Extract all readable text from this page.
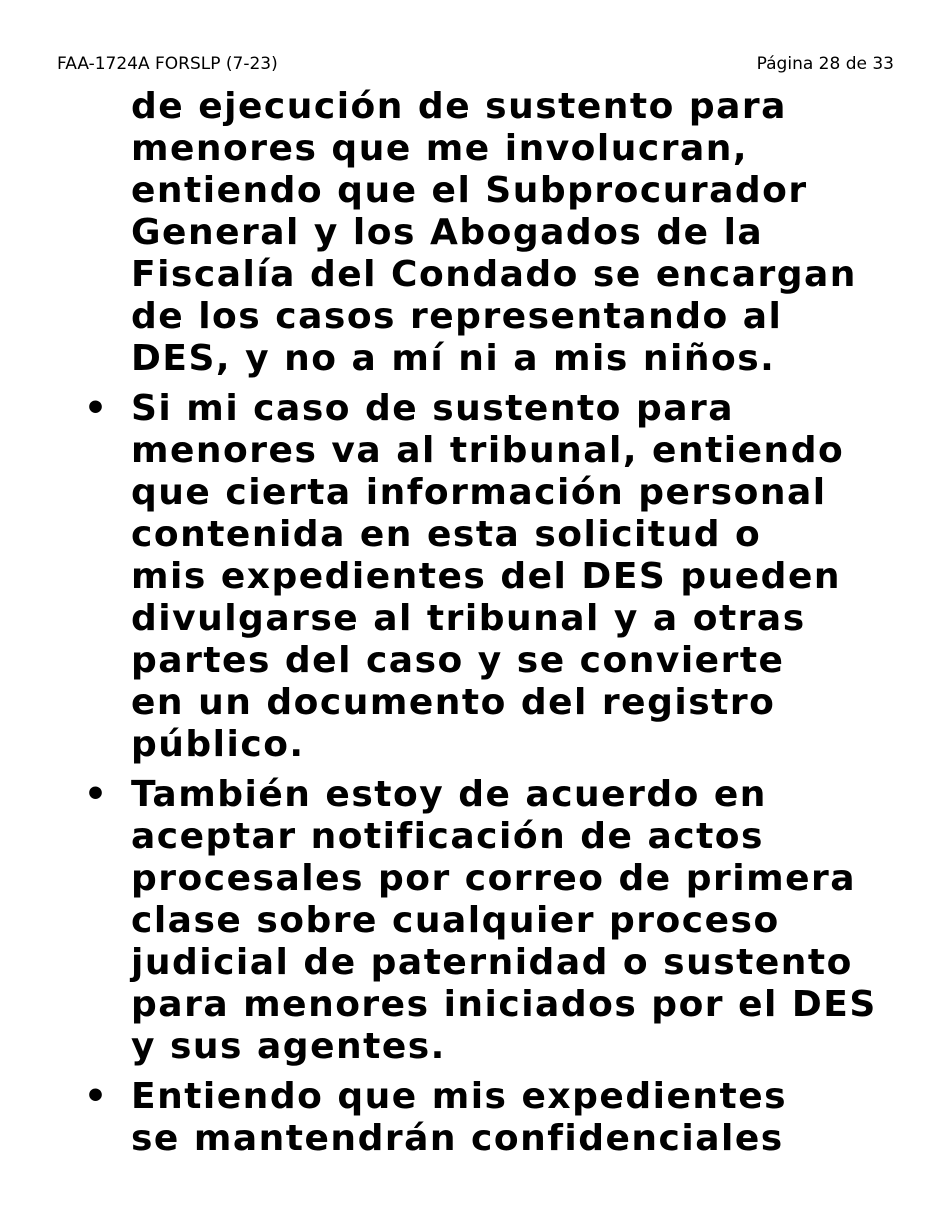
FAA-1724A FORSLP (7-23)	Página 28 de 33

de ejecución de sustento para
menores que me involucran,
entiendo que el Subprocurador
General y los Abogados de la
Fiscalía del Condado se encargan
de los casos representando al
DES, y no a mí ni a mis niños.

• Si mi caso de sustento para
menores va al tribunal, entiendo
que cierta información personal
contenida en esta solicitud o
mis expedientes del DES pueden
divulgarse al tribunal y a otras
partes del caso y se convierte
en un documento del registro
público.

• También estoy de acuerdo en
aceptar notificación de actos
procesales por correo de primera
clase sobre cualquier proceso
judicial de paternidad o sustento
para menores iniciados por el DES
y sus agentes.

• Entiendo que mis expedientes
se mantendrán confidenciales
